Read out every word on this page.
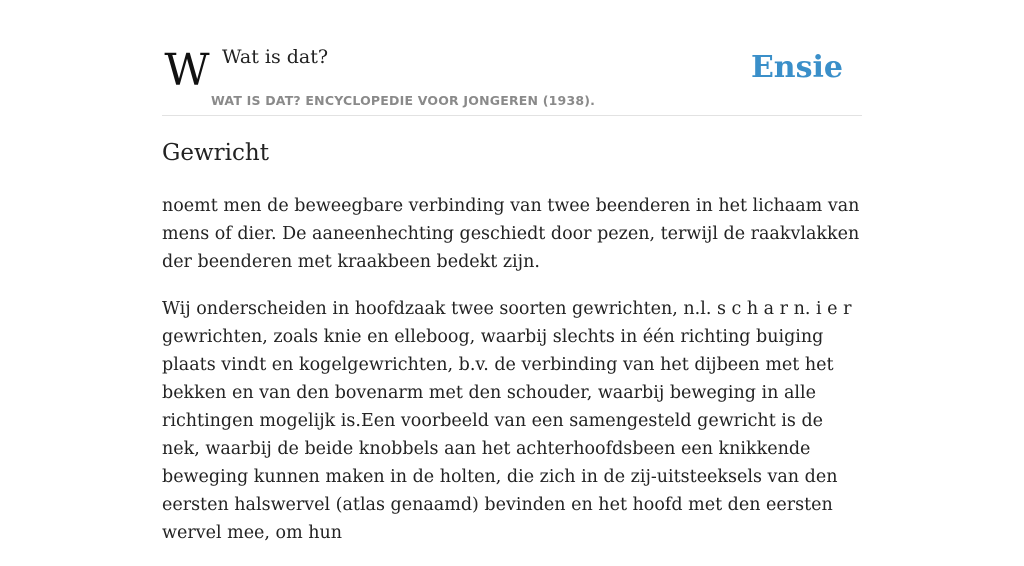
W Wat is dat?
WAT IS DAT? ENCYCLOPEDIE VOOR JONGEREN (1938).
Ensie
Gewricht

noemt men de beweegbare verbinding van twee beenderen in het lichaam van mens of dier. De aaneenhechting geschiedt door pezen, terwijl de raakvlakken der beenderen met kraakbeen bedekt zijn.

Wij onderscheiden in hoofdzaak twee soorten gewrichten, n.l. s c h a r n. i e r gewrichten, zoals knie en elleboog, waarbij slechts in één richting buiging plaats vindt en kogelgewrichten, b.v. de verbinding van het dijbeen met het bekken en van den bovenarm met den schouder, waarbij beweging in alle richtingen mogelijk is.Een voorbeeld van een samengesteld gewricht is de nek, waarbij de beide knobbels aan het achterhoofdsbeen een knikkende beweging kunnen maken in de holten, die zich in de zij-uitsteeksels van den eersten halswervel (atlas genaamd) bevinden en het hoofd met den eersten wervel mee, om hun
